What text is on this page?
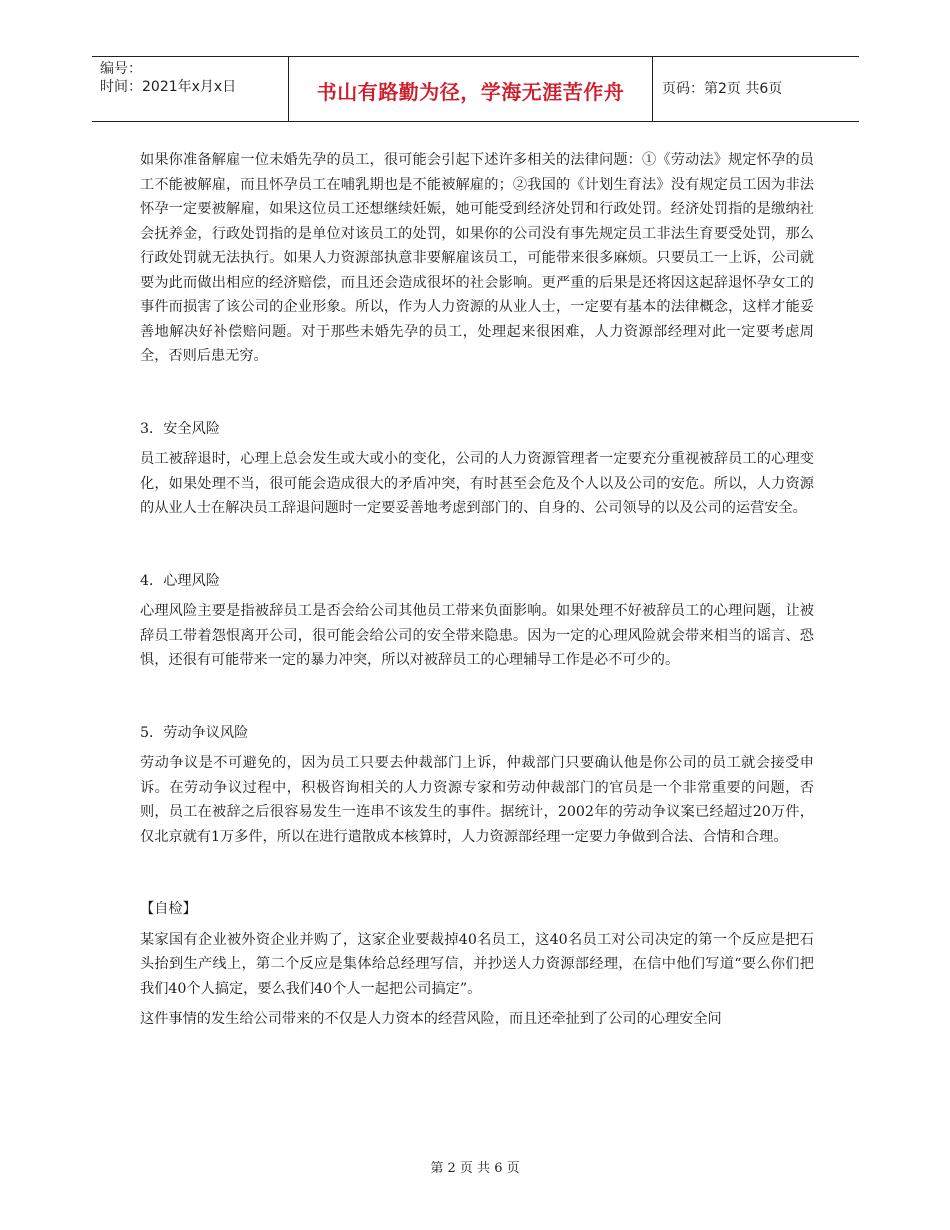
编号：
时间：2021年x月x日	书山有路勤为径，学海无涯苦作舟	页码：第2页 共6页

如果你准备解雇一位未婚先孕的员工，很可能会引起下述许多相关的法律问题：①《劳动法》规定怀孕的员工不能被解雇，而且怀孕员工在哺乳期也是不能被解雇的；②我国的《计划生育法》没有规定员工因为非法怀孕一定要被解雇，如果这位员工还想继续妊娠，她可能受到经济处罚和行政处罚。经济处罚指的是缴纳社会抚养金，行政处罚指的是单位对该员工的处罚，如果你的公司没有事先规定员工非法生育要受处罚，那么行政处罚就无法执行。如果人力资源部执意非要解雇该员工，可能带来很多麻烦。只要员工一上诉，公司就要为此而做出相应的经济赔偿，而且还会造成很坏的社会影响。更严重的后果是还将因这起辞退怀孕女工的事件而损害了该公司的企业形象。所以，作为人力资源的从业人士，一定要有基本的法律概念，这样才能妥善地解决好补偿赔问题。对于那些未婚先孕的员工，处理起来很困难，人力资源部经理对此一定要考虑周全，否则后患无穷。

3．安全风险

员工被辞退时，心理上总会发生或大或小的变化，公司的人力资源管理者一定要充分重视被辞员工的心理变化，如果处理不当，很可能会造成很大的矛盾冲突，有时甚至会危及个人以及公司的安危。所以，人力资源的从业人士在解决员工辞退问题时一定要妥善地考虑到部门的、自身的、公司领导的以及公司的运营安全。

4．心理风险

心理风险主要是指被辞员工是否会给公司其他员工带来负面影响。如果处理不好被辞员工的心理问题，让被辞员工带着怨恨离开公司，很可能会给公司的安全带来隐患。因为一定的心理风险就会带来相当的谣言、恐惧，还很有可能带来一定的暴力冲突，所以对被辞员工的心理辅导工作是必不可少的。

5．劳动争议风险

劳动争议是不可避免的，因为员工只要去仲裁部门上诉，仲裁部门只要确认他是你公司的员工就会接受申诉。在劳动争议过程中，积极咨询相关的人力资源专家和劳动仲裁部门的官员是一个非常重要的问题，否则，员工在被辞之后很容易发生一连串不该发生的事件。据统计，2002年的劳动争议案已经超过20万件，仅北京就有1万多件，所以在进行遣散成本核算时，人力资源部经理一定要力争做到合法、合情和合理。

【自检】

某家国有企业被外资企业并购了，这家企业要裁掉40名员工，这40名员工对公司决定的第一个反应是把石头抬到生产线上，第二个反应是集体给总经理写信，并抄送人力资源部经理，在信中他们写道“要么你们把我们40个人搞定，要么我们40个人一起把公司搞定”。

这件事情的发生给公司带来的不仅是人力资本的经营风险，而且还牵扯到了公司的心理安全问

第 2 页 共 6 页
